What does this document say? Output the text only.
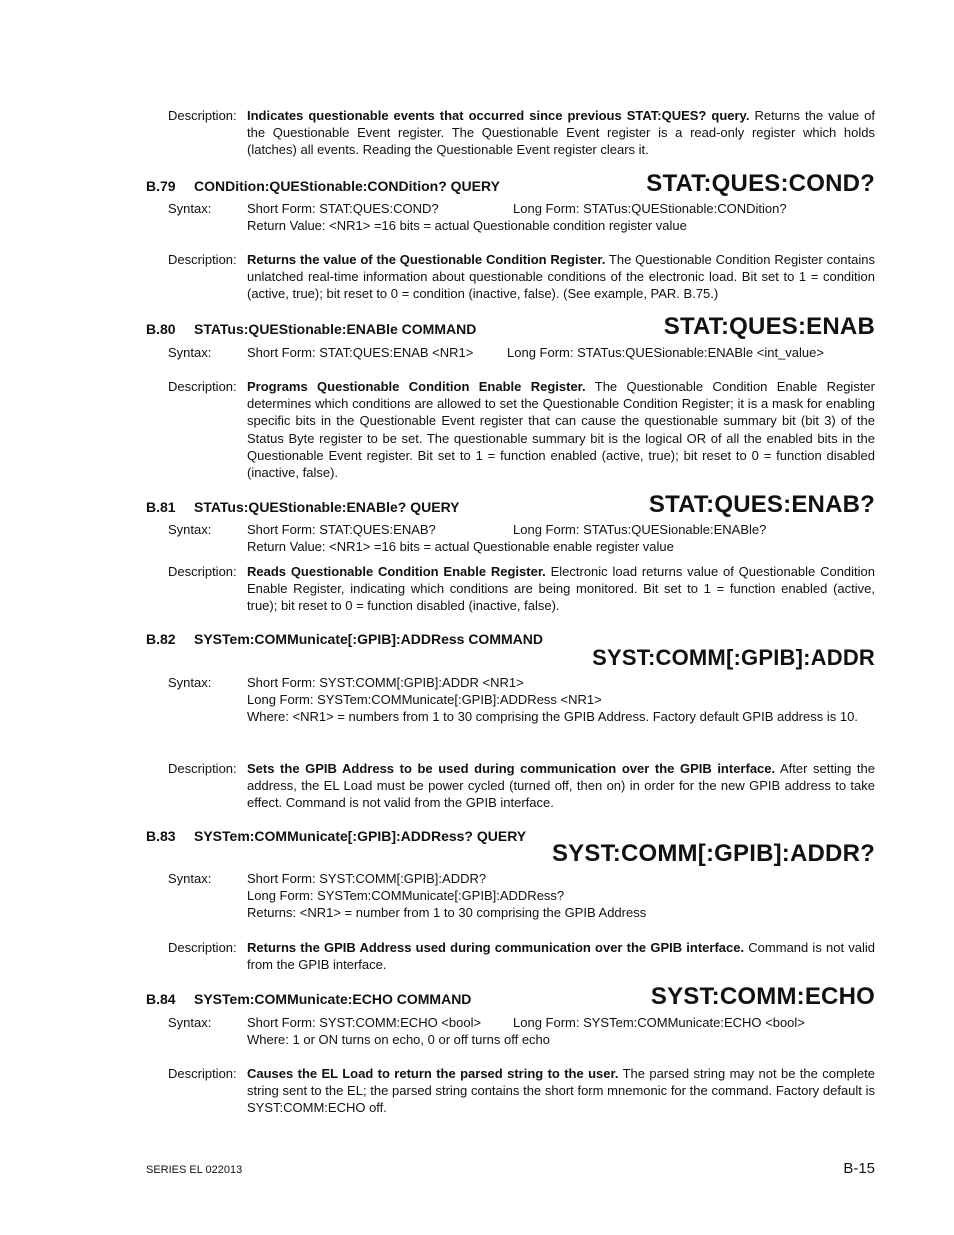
Description: Indicates questionable events that occurred since previous STAT:QUES? query. Returns the value of the Questionable Event register. The Questionable Event register is a read-only register which holds (latches) all events. Reading the Questionable Event register clears it.
B.79 CONDition:QUEStionable:CONDition? QUERY	STAT:QUES:COND?
Syntax:	Short Form: STAT:QUES:COND?	Long Form: STATus:QUEStionable:CONDition?
Return Value: <NR1> =16 bits = actual Questionable condition register value
Description: Returns the value of the Questionable Condition Register. The Questionable Condition Register contains unlatched real-time information about questionable conditions of the electronic load. Bit set to 1 = condition (active, true); bit reset to 0 = condition (inactive, false). (See example, PAR. B.75.)
B.80 STATus:QUEStionable:ENABle COMMAND	STAT:QUES:ENAB
Syntax:	Short Form: STAT:QUES:ENAB <NR1>	Long Form: STATus:QUESionable:ENABle <int_value>
Description: Programs Questionable Condition Enable Register. The Questionable Condition Enable Register determines which conditions are allowed to set the Questionable Condition Register; it is a mask for enabling specific bits in the Questionable Event register that can cause the questionable summary bit (bit 3) of the Status Byte register to be set. The questionable summary bit is the logical OR of all the enabled bits in the Questionable Event register. Bit set to 1 = function enabled (active, true); bit reset to 0 = function disabled (inactive, false).
B.81 STATus:QUEStionable:ENABle? QUERY	STAT:QUES:ENAB?
Syntax:	Short Form: STAT:QUES:ENAB?	Long Form: STATus:QUESionable:ENABle?
Return Value: <NR1> =16 bits = actual Questionable enable register value
Description: Reads Questionable Condition Enable Register. Electronic load returns value of Questionable Condition Enable Register, indicating which conditions are being monitored. Bit set to 1 = function enabled (active, true); bit reset to 0 = function disabled (inactive, false).
B.82 SYSTem:COMMunicate[:GPIB]:ADDRess COMMAND
SYST:COMM[:GPIB]:ADDR
Syntax:	Short Form: SYST:COMM[:GPIB]:ADDR <NR1>
Long Form: SYSTem:COMMunicate[:GPIB]:ADDRess <NR1>
Where: <NR1> = numbers from 1 to 30 comprising the GPIB Address. Factory default GPIB address is 10.
Description: Sets the GPIB Address to be used during communication over the GPIB interface. After setting the address, the EL Load must be power cycled (turned off, then on) in order for the new GPIB address to take effect. Command is not valid from the GPIB interface.
B.83 SYSTem:COMMunicate[:GPIB]:ADDRess? QUERY
SYST:COMM[:GPIB]:ADDR?
Syntax:	Short Form: SYST:COMM[:GPIB]:ADDR?
Long Form: SYSTem:COMMunicate[:GPIB]:ADDRess?
Returns: <NR1> = number from 1 to 30 comprising the GPIB Address
Description: Returns the GPIB Address used during communication over the GPIB interface. Command is not valid from the GPIB interface.
B.84 SYSTem:COMMunicate:ECHO COMMAND	SYST:COMM:ECHO
Syntax:	Short Form: SYST:COMM:ECHO <bool> Long Form: SYSTem:COMMunicate:ECHO <bool>
Where: 1 or ON turns on echo, 0 or off turns off echo
Description: Causes the EL Load to return the parsed string to the user. The parsed string may not be the complete string sent to the EL; the parsed string contains the short form mnemonic for the command. Factory default is SYST:COMM:ECHO off.
SERIES EL 022013	B-15
